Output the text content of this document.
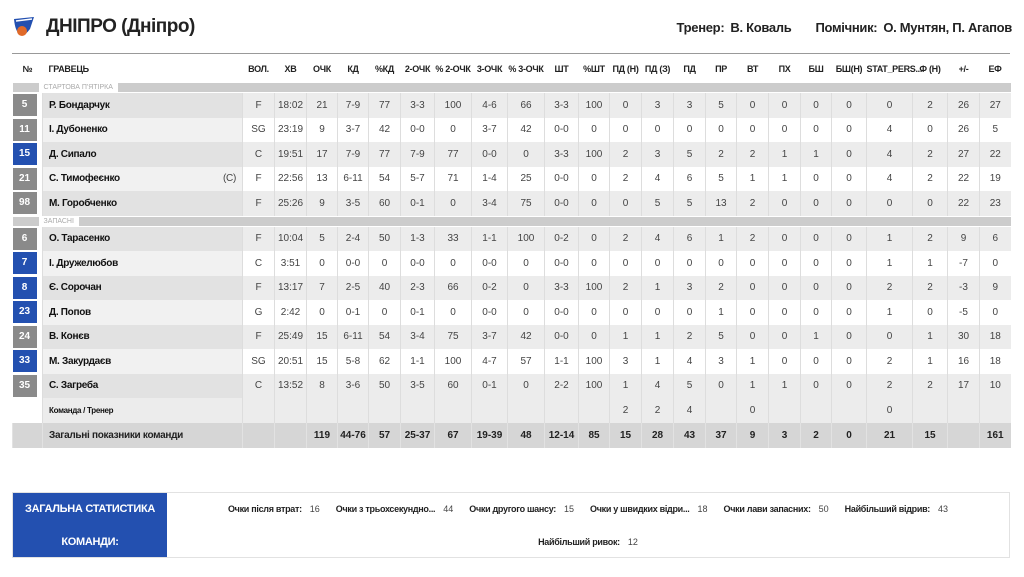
ДНІПРО (Дніпро)	Тренер: В. Коваль Помічник: О. Мунтян, П. Агапов
№	ГРАВЕЦЬ	ВОЛ.	ХВ	ОЧК	КД	%КД	2-ОЧК	% 2-ОЧК	3-ОЧК	% 3-ОЧК	ШТ	%ШТ	ПД (Н)	ПД (З)	ПД	ПР	ВТ	ПХ	БШ	БШ(Н)	STAT_PERS...	Ф (Н)	+/-	ЕФ

СТАРТОВА П'ЯТІРКА																								

5	Р. Бондарчук	F	18:02	21	7-9	77	3-3	100	4-6	66	3-3	100	0	3	3	5	0	0	0	0	0	2	26	27

11	І. Дубоненко	SG	23:19	9	3-7	42	0-0	0	3-7	42	0-0	0	0	0	0	0	0	0	0	0	4	0	26	5

15	Д. Сипало	C	19:51	17	7-9	77	7-9	77	0-0	0	3-3	100	2	3	5	2	2	1	1	0	4	2	27	22

21	С. Тимофеєнко (C)	F	22:56	13	6-11	54	5-7	71	1-4	25	0-0	0	2	4	6	5	1	1	0	0	4	2	22	19

98	М. Горобченко	F	25:26	9	3-5	60	0-1	0	3-4	75	0-0	0	0	5	5	13	2	0	0	0	0	0	22	23

ЗАПАСНІ																								

6	О. Тарасенко	F	10:04	5	2-4	50	1-3	33	1-1	100	0-2	0	2	4	6	1	2	0	0	0	1	2	9	6

7	І. Дружелюбов	C	3:51	0	0-0	0	0-0	0	0-0	0	0-0	0	0	0	0	0	0	0	0	0	1	1	-7	0

8	Є. Сорочан	F	13:17	7	2-5	40	2-3	66	0-2	0	3-3	100	2	1	3	2	0	0	0	0	2	2	-3	9

23	Д. Попов	G	2:42	0	0-1	0	0-1	0	0-0	0	0-0	0	0	0	0	1	0	0	0	0	1	0	-5	0

24	В. Конєв	F	25:49	15	6-11	54	3-4	75	3-7	42	0-0	0	1	1	2	5	0	0	1	0	0	1	30	18

33	М. Закурдаєв	SG	20:51	15	5-8	62	1-1	100	4-7	57	1-1	100	3	1	4	3	1	0	0	0	2	1	16	18

35	С. Загреба	C	13:52	8	3-6	50	3-5	60	0-1	0	2-2	100	1	4	5	0	1	1	0	0	2	2	17	10
	Команда / Тренер												2	2	4		0				0			
	Загальні показники команди			119	44-76	57	25-37	67	19-39	48	12-14	85	15	28	43	37	9	3	2	0	21	15		161
ЗАГАЛЬНА СТАТИСТИКА
КОМАНДИ:
Очки після втрат: 16 Очки з трьохсекундно... 44 Очки другого шансу: 15 Очки у швидких відри... 18 Очки лави запасних: 50 Найбільший відрив: 43
Найбільший ривок: 12
